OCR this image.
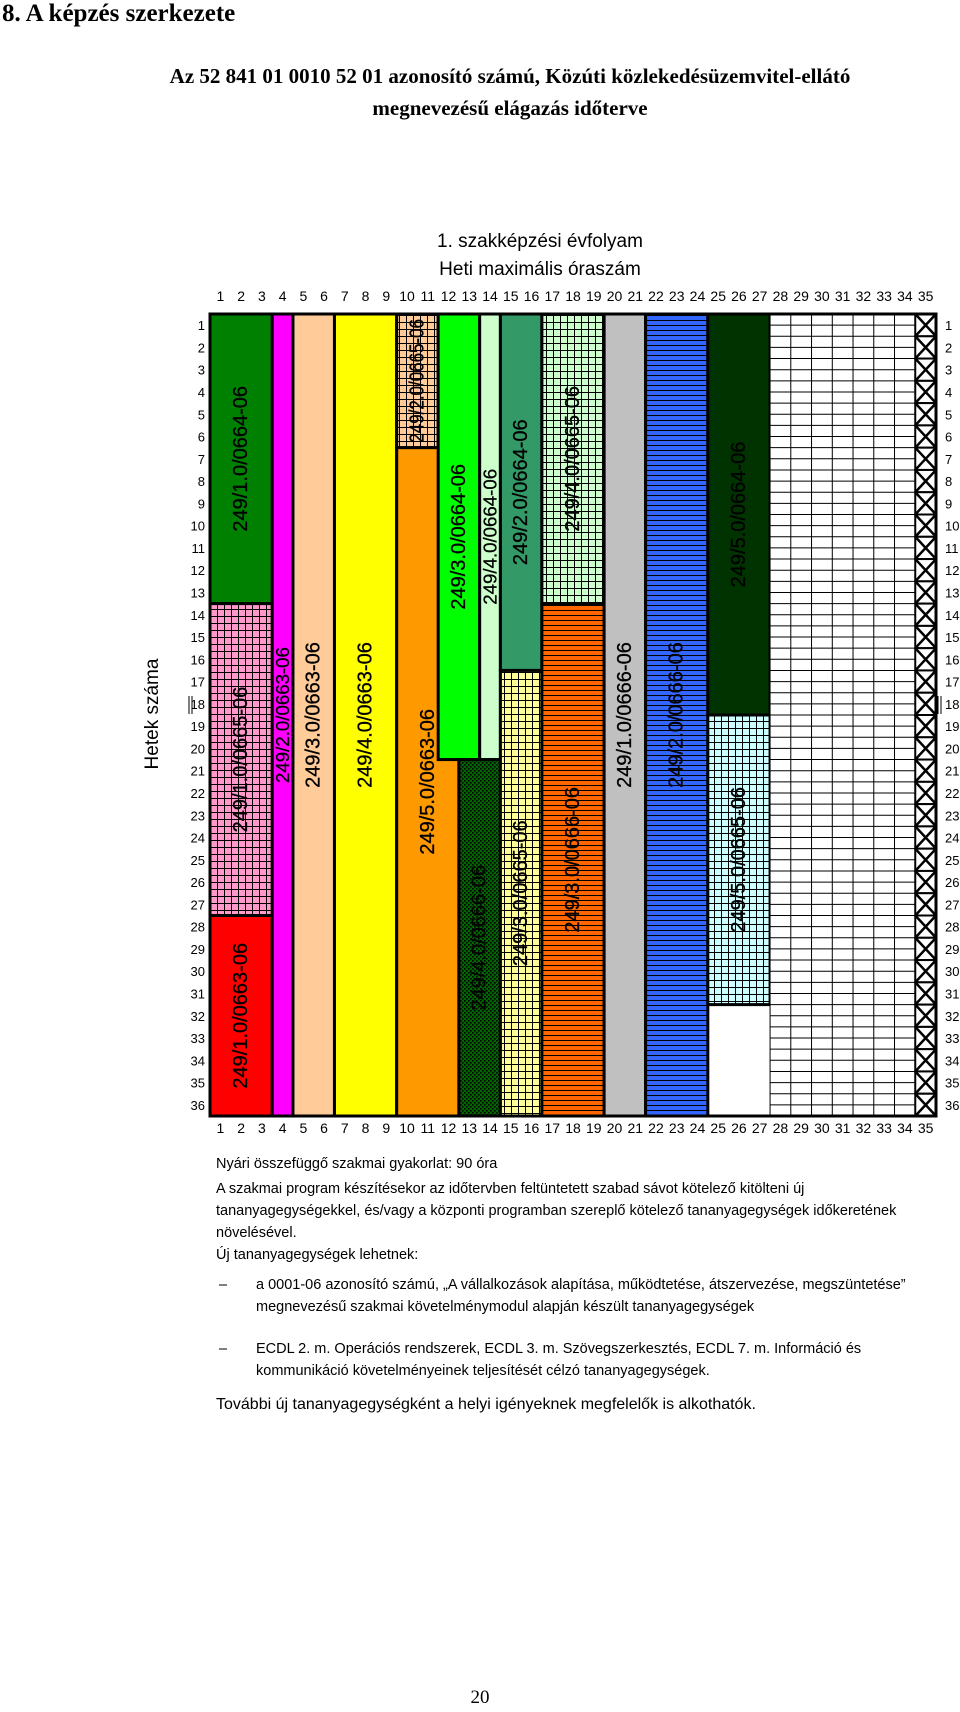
8. A képzés szerkezete
Az 52 841 01 0010 52 01 azonosító számú, Közúti közlekedésüzemvitel-ellátó
megnevezésű elágazás időterve
1. szakképzési évfolyam
Heti maximális óraszám
249/1.0/0664-06
249/1.0/0665-06
249/1.0/0663-06
249/2.0/0663-06 249/3.0/0663-06 249/4.0/0663-06
249/2.0/0665-06
249/5.0/0663-06
249/3.0/0664-06 249/4.0/0664-06
249/4.0/0666-06
249/2.0/0664-06
249/3.0/0665-06
249/4.0/0665-06
249/3.0/0666-06
249/1.0/0666-06 249/2.0/0666-06
249/5.0/0664-06
249/5.0/0665-06
1
1
2
2
3
3
4
4
5
5
6
6
7
7
8
8
9
9
10
10
11
11
12
12
13
13
14
14
15
15
16
16
17
17
18
18
19
19
20
20
21
21
22
22
23
23
24
24
25
25
26
26
27
27
28
28
29
29
30
30
31
31
32
32
33
33
34
34
35
35
1	1
2	2
3	3
4	4
5	5
6	6
7	7
8	8
9	9
10	10
11	11
12	12
13	13
14	14
15	15
16	16
17	17
18	18
19	19
20	20
21	21
22	22
23	23
24	24
25	25
26	26
27	27
28	28
29	29
30	30
31	31
32	32
33	33
34	34
35	35
36	36
Hetek száma

Nyári összefüggő szakmai gyakorlat: 90 óra

A szakmai program készítésekor az időtervben feltüntetett szabad sávot kötelező kitölteni új tananyagegységekkel, és/vagy a központi programban szereplő kötelező tananyagegységek időkeretének növelésével.

Új tananyagegységek lehetnek:

– a 0001-06 azonosító számú, „A vállalkozások alapítása, működtetése, átszervezése, megszüntetése” megnevezésű szakmai követelménymodul alapján készült tananyagegységek
– ECDL 2. m. Operációs rendszerek, ECDL 3. m. Szövegszerkesztés, ECDL 7. m. Információ és kommunikáció követelményeinek teljesítését célzó tananyagegységek.

További új tananyagegységként a helyi igényeknek megfelelők is alkothatók.

20
